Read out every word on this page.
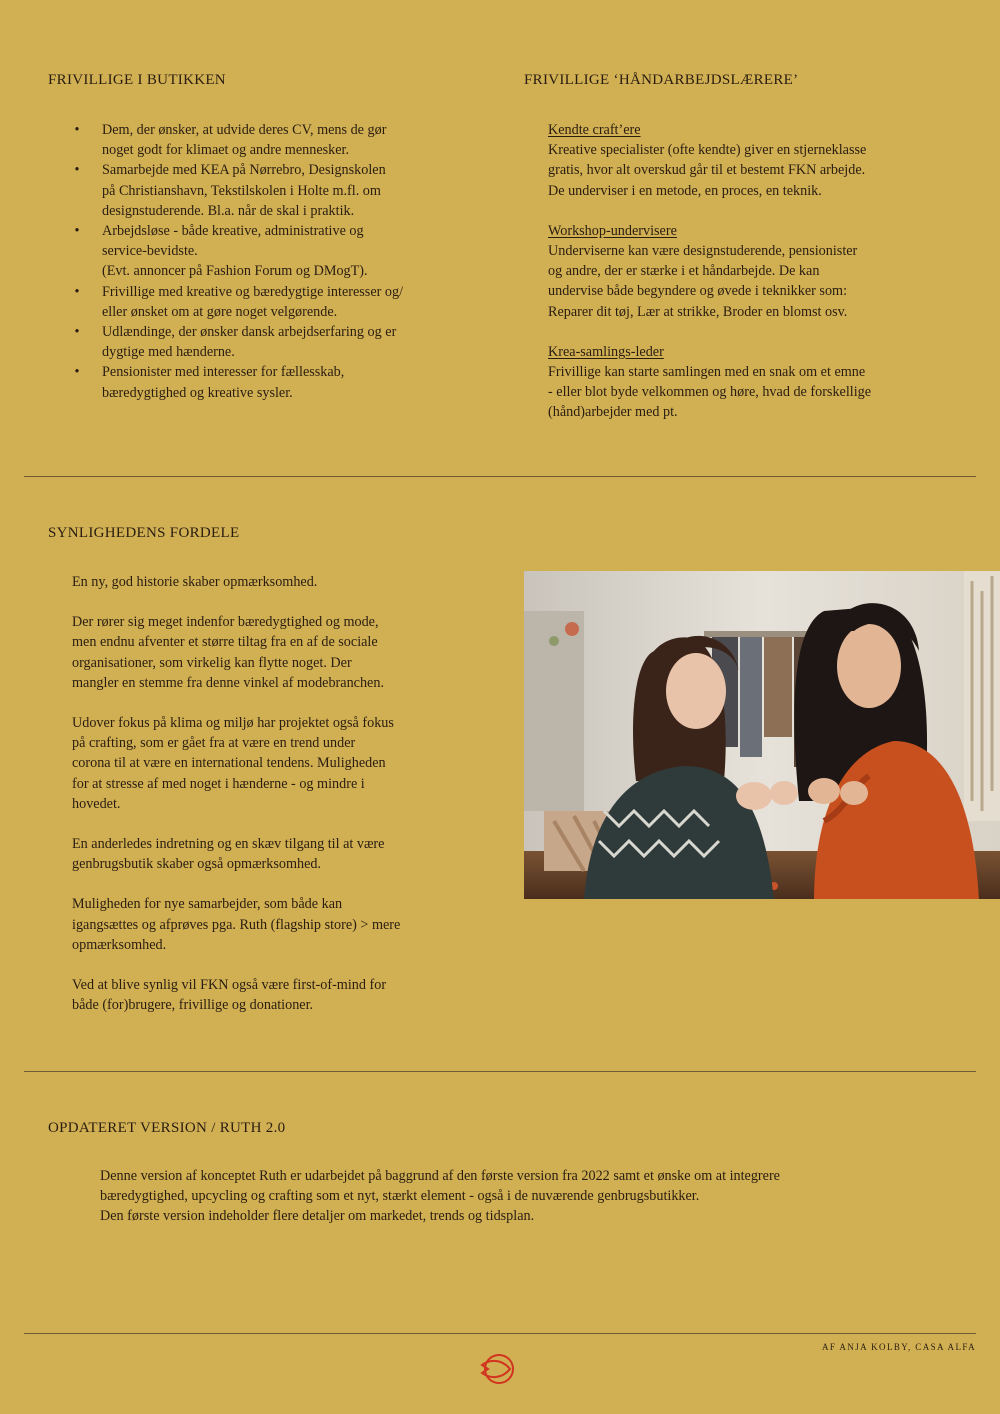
FRIVILLIGE I BUTIKKEN
• Dem, der ønsker, at udvide deres CV, mens de gør
noget godt for klimaet og andre mennesker.
• Samarbejde med KEA på Nørrebro, Designskolen
på Christianshavn, Tekstilskolen i Holte m.fl. om
designstuderende. Bl.a. når de skal i praktik.
• Arbejdsløse - både kreative, administrative og
service-bevidste.
(Evt. annoncer på Fashion Forum og DMogT).
• Frivillige med kreative og bæredygtige interesser og/
eller ønsket om at gøre noget velgørende.
• Udlændinge, der ønsker dansk arbejdserfaring og er
dygtige med hænderne.
• Pensionister med interesser for fællesskab,
bæredygtighed og kreative sysler.
FRIVILLIGE ‘HÅNDARBEJDSLÆRERE’
Kendte craft’ere
Kreative specialister (ofte kendte) giver en stjerneklasse
gratis, hvor alt overskud går til et bestemt FKN arbejde.
De underviser i en metode, en proces, en teknik.
Workshop-undervisere
Underviserne kan være designstuderende, pensionister
og andre, der er stærke i et håndarbejde. De kan
undervise både begyndere og øvede i teknikker som:
Reparer dit tøj, Lær at strikke, Broder en blomst osv.
Krea-samlings-leder
Frivillige kan starte samlingen med en snak om et emne
- eller blot byde velkommen og høre, hvad de forskellige
(hånd)arbejder med pt.
SYNLIGHEDENS FORDELE
En ny, god historie skaber opmærksomhed.
Der rører sig meget indenfor bæredygtighed og mode,
men endnu afventer et større tiltag fra en af de sociale
organisationer, som virkelig kan flytte noget. Der
mangler en stemme fra denne vinkel af modebranchen.
Udover fokus på klima og miljø har projektet også fokus
på crafting, som er gået fra at være en trend under
corona til at være en international tendens. Muligheden
for at stresse af med noget i hænderne - og mindre i
hovedet.
En anderledes indretning og en skæv tilgang til at være
genbrugsbutik skaber også opmærksomhed.
Muligheden for nye samarbejder, som både kan
igangsættes og afprøves pga. Ruth (flagship store) > mere
opmærksomhed.
Ved at blive synlig vil FKN også være first-of-mind for
både (for)brugere, frivillige og donationer.
OPDATERET VERSION / RUTH 2.0
Denne version af konceptet Ruth er udarbejdet på baggrund af den første version fra 2022 samt et ønske om at integrere
bæredygtighed, upcycling og crafting som et nyt, stærkt element - også i de nuværende genbrugsbutikker.
Den første version indeholder flere detaljer om markedet, trends og tidsplan.
AF ANJA KOLBY, CASA ALFA
